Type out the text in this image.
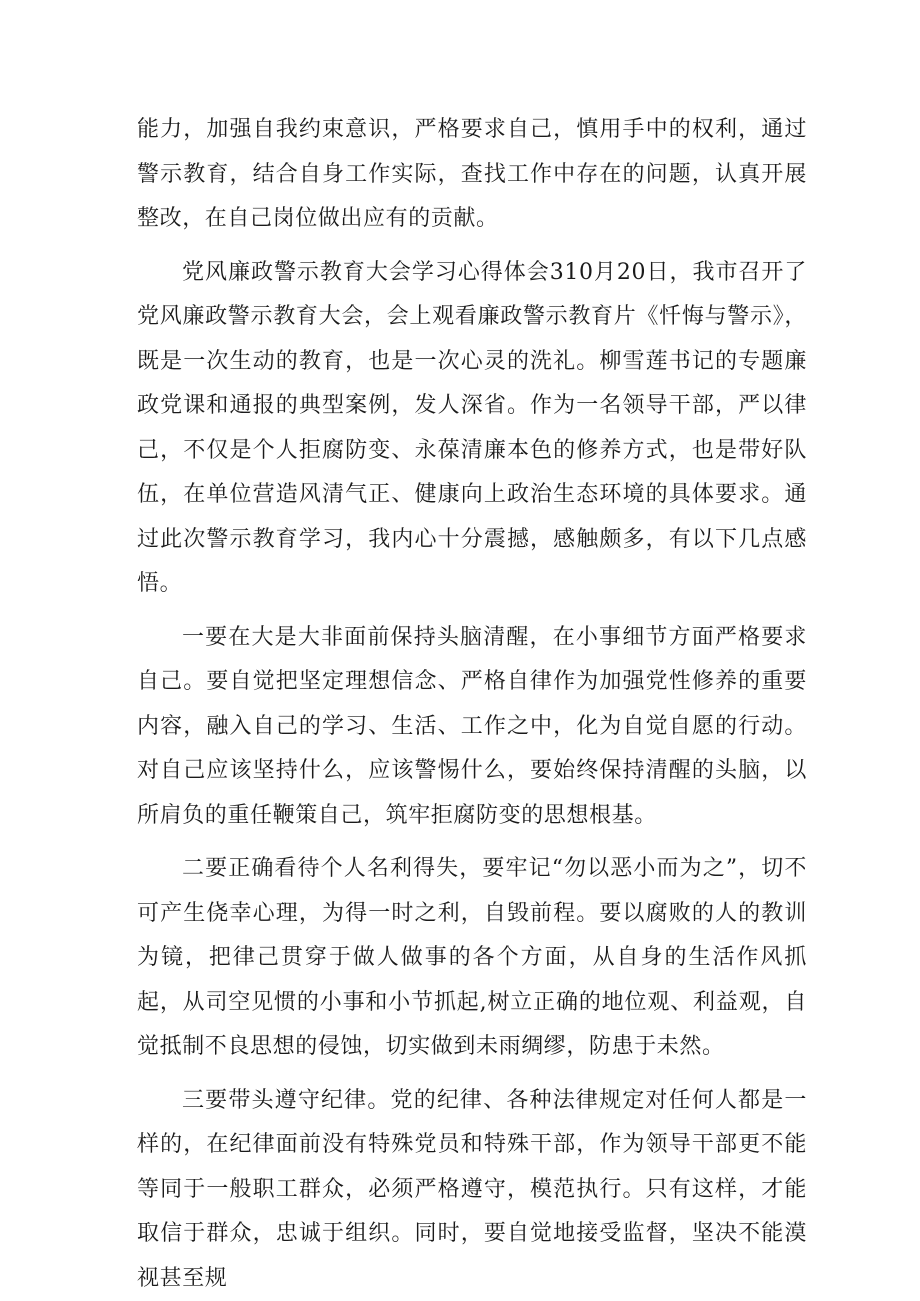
能力，加强自我约束意识，严格要求自己，慎用手中的权利，通过警示教育，结合自身工作实际，查找工作中存在的问题，认真开展整改，在自己岗位做出应有的贡献。

党风廉政警示教育大会学习心得体会310月20日，我市召开了党风廉政警示教育大会，会上观看廉政警示教育片《忏悔与警示》，既是一次生动的教育，也是一次心灵的洗礼。柳雪莲书记的专题廉政党课和通报的典型案例，发人深省。作为一名领导干部，严以律己，不仅是个人拒腐防变、永葆清廉本色的修养方式，也是带好队伍，在单位营造风清气正、健康向上政治生态环境的具体要求。通过此次警示教育学习，我内心十分震撼，感触颇多，有以下几点感悟。

一要在大是大非面前保持头脑清醒，在小事细节方面严格要求自己。要自觉把坚定理想信念、严格自律作为加强党性修养的重要内容，融入自己的学习、生活、工作之中，化为自觉自愿的行动。对自己应该坚持什么，应该警惕什么，要始终保持清醒的头脑，以所肩负的重任鞭策自己，筑牢拒腐防变的思想根基。

二要正确看待个人名利得失，要牢记“勿以恶小而为之”，切不可产生侥幸心理，为得一时之利，自毁前程。要以腐败的人的教训为镜，把律己贯穿于做人做事的各个方面，从自身的生活作风抓起，从司空见惯的小事和小节抓起,树立正确的地位观、利益观，自觉抵制不良思想的侵蚀，切实做到未雨绸缪，防患于未然。

三要带头遵守纪律。党的纪律、各种法律规定对任何人都是一样的，在纪律面前没有特殊党员和特殊干部，作为领导干部更不能等同于一般职工群众，必须严格遵守，模范执行。只有这样，才能取信于群众，忠诚于组织。同时，要自觉地接受监督，坚决不能漠视甚至规
